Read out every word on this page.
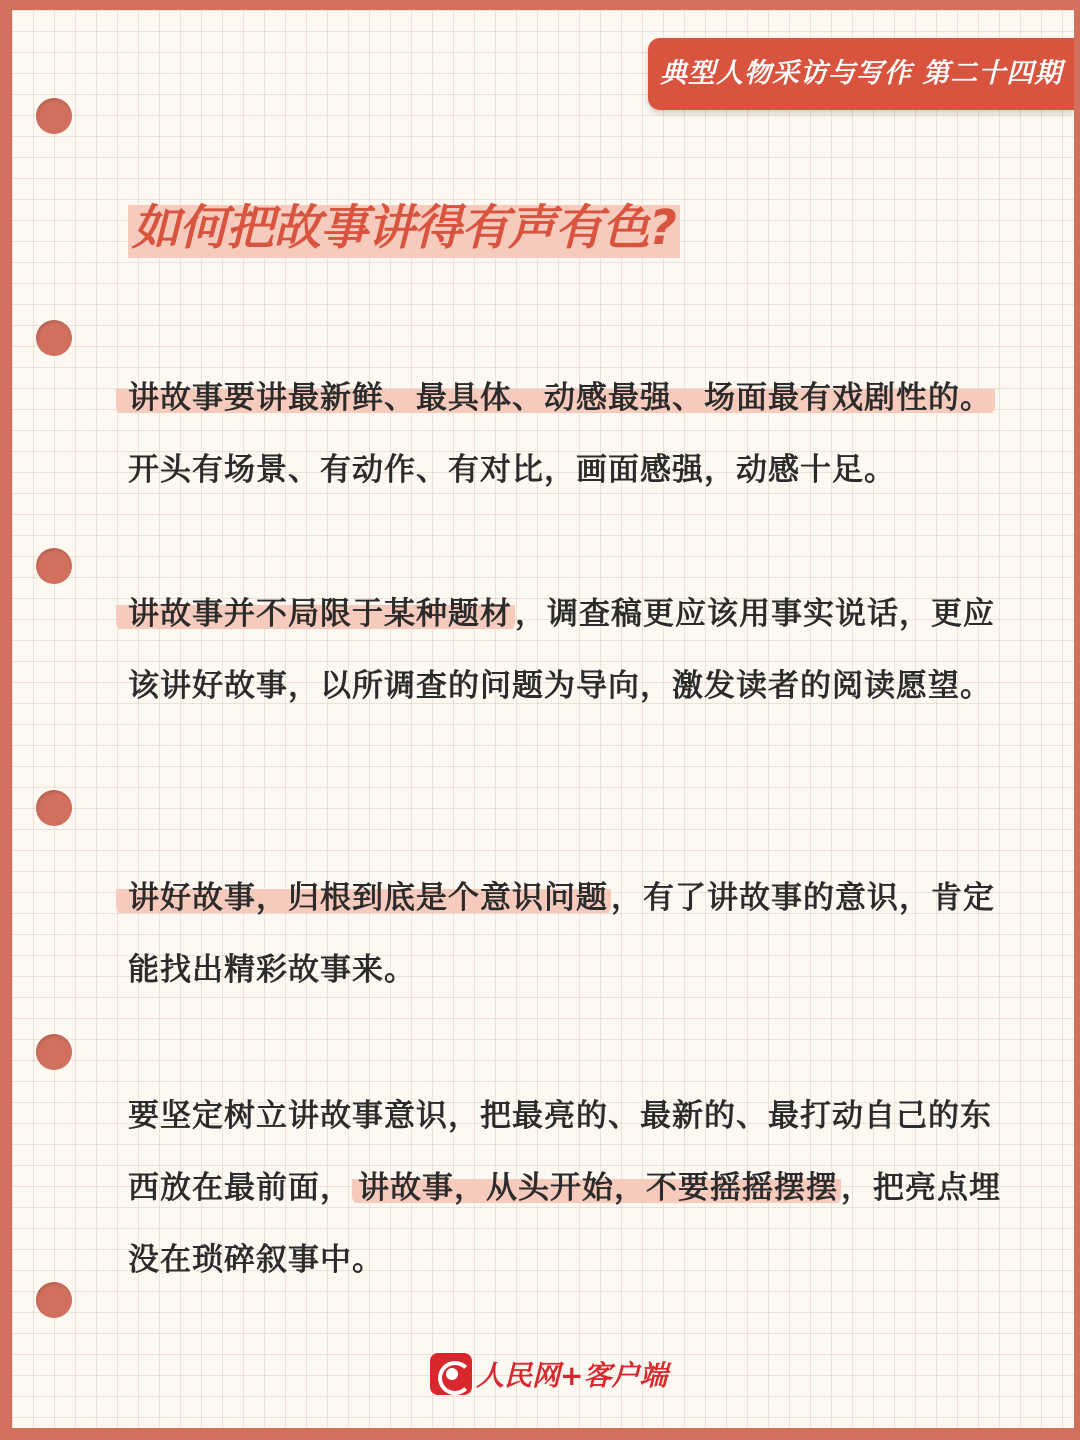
典型人物采访与写作 第二十四期
如何把故事讲得有声有色?
讲故事要讲最新鲜、最具体、动感最强、场面最有戏剧性的。开头有场景、有动作、有对比，画面感强，动感十足。
讲故事并不局限于某种题材，调查稿更应该用事实说话，更应该讲好故事，以所调查的问题为导向，激发读者的阅读愿望。
讲好故事，归根到底是个意识问题，有了讲故事的意识，肯定能找出精彩故事来。
要坚定树立讲故事意识，把最亮的、最新的、最打动自己的东西放在最前面， 讲故事，从头开始，不要摇摇摆摆，把亮点埋没在琐碎叙事中。
人民网+客户端
